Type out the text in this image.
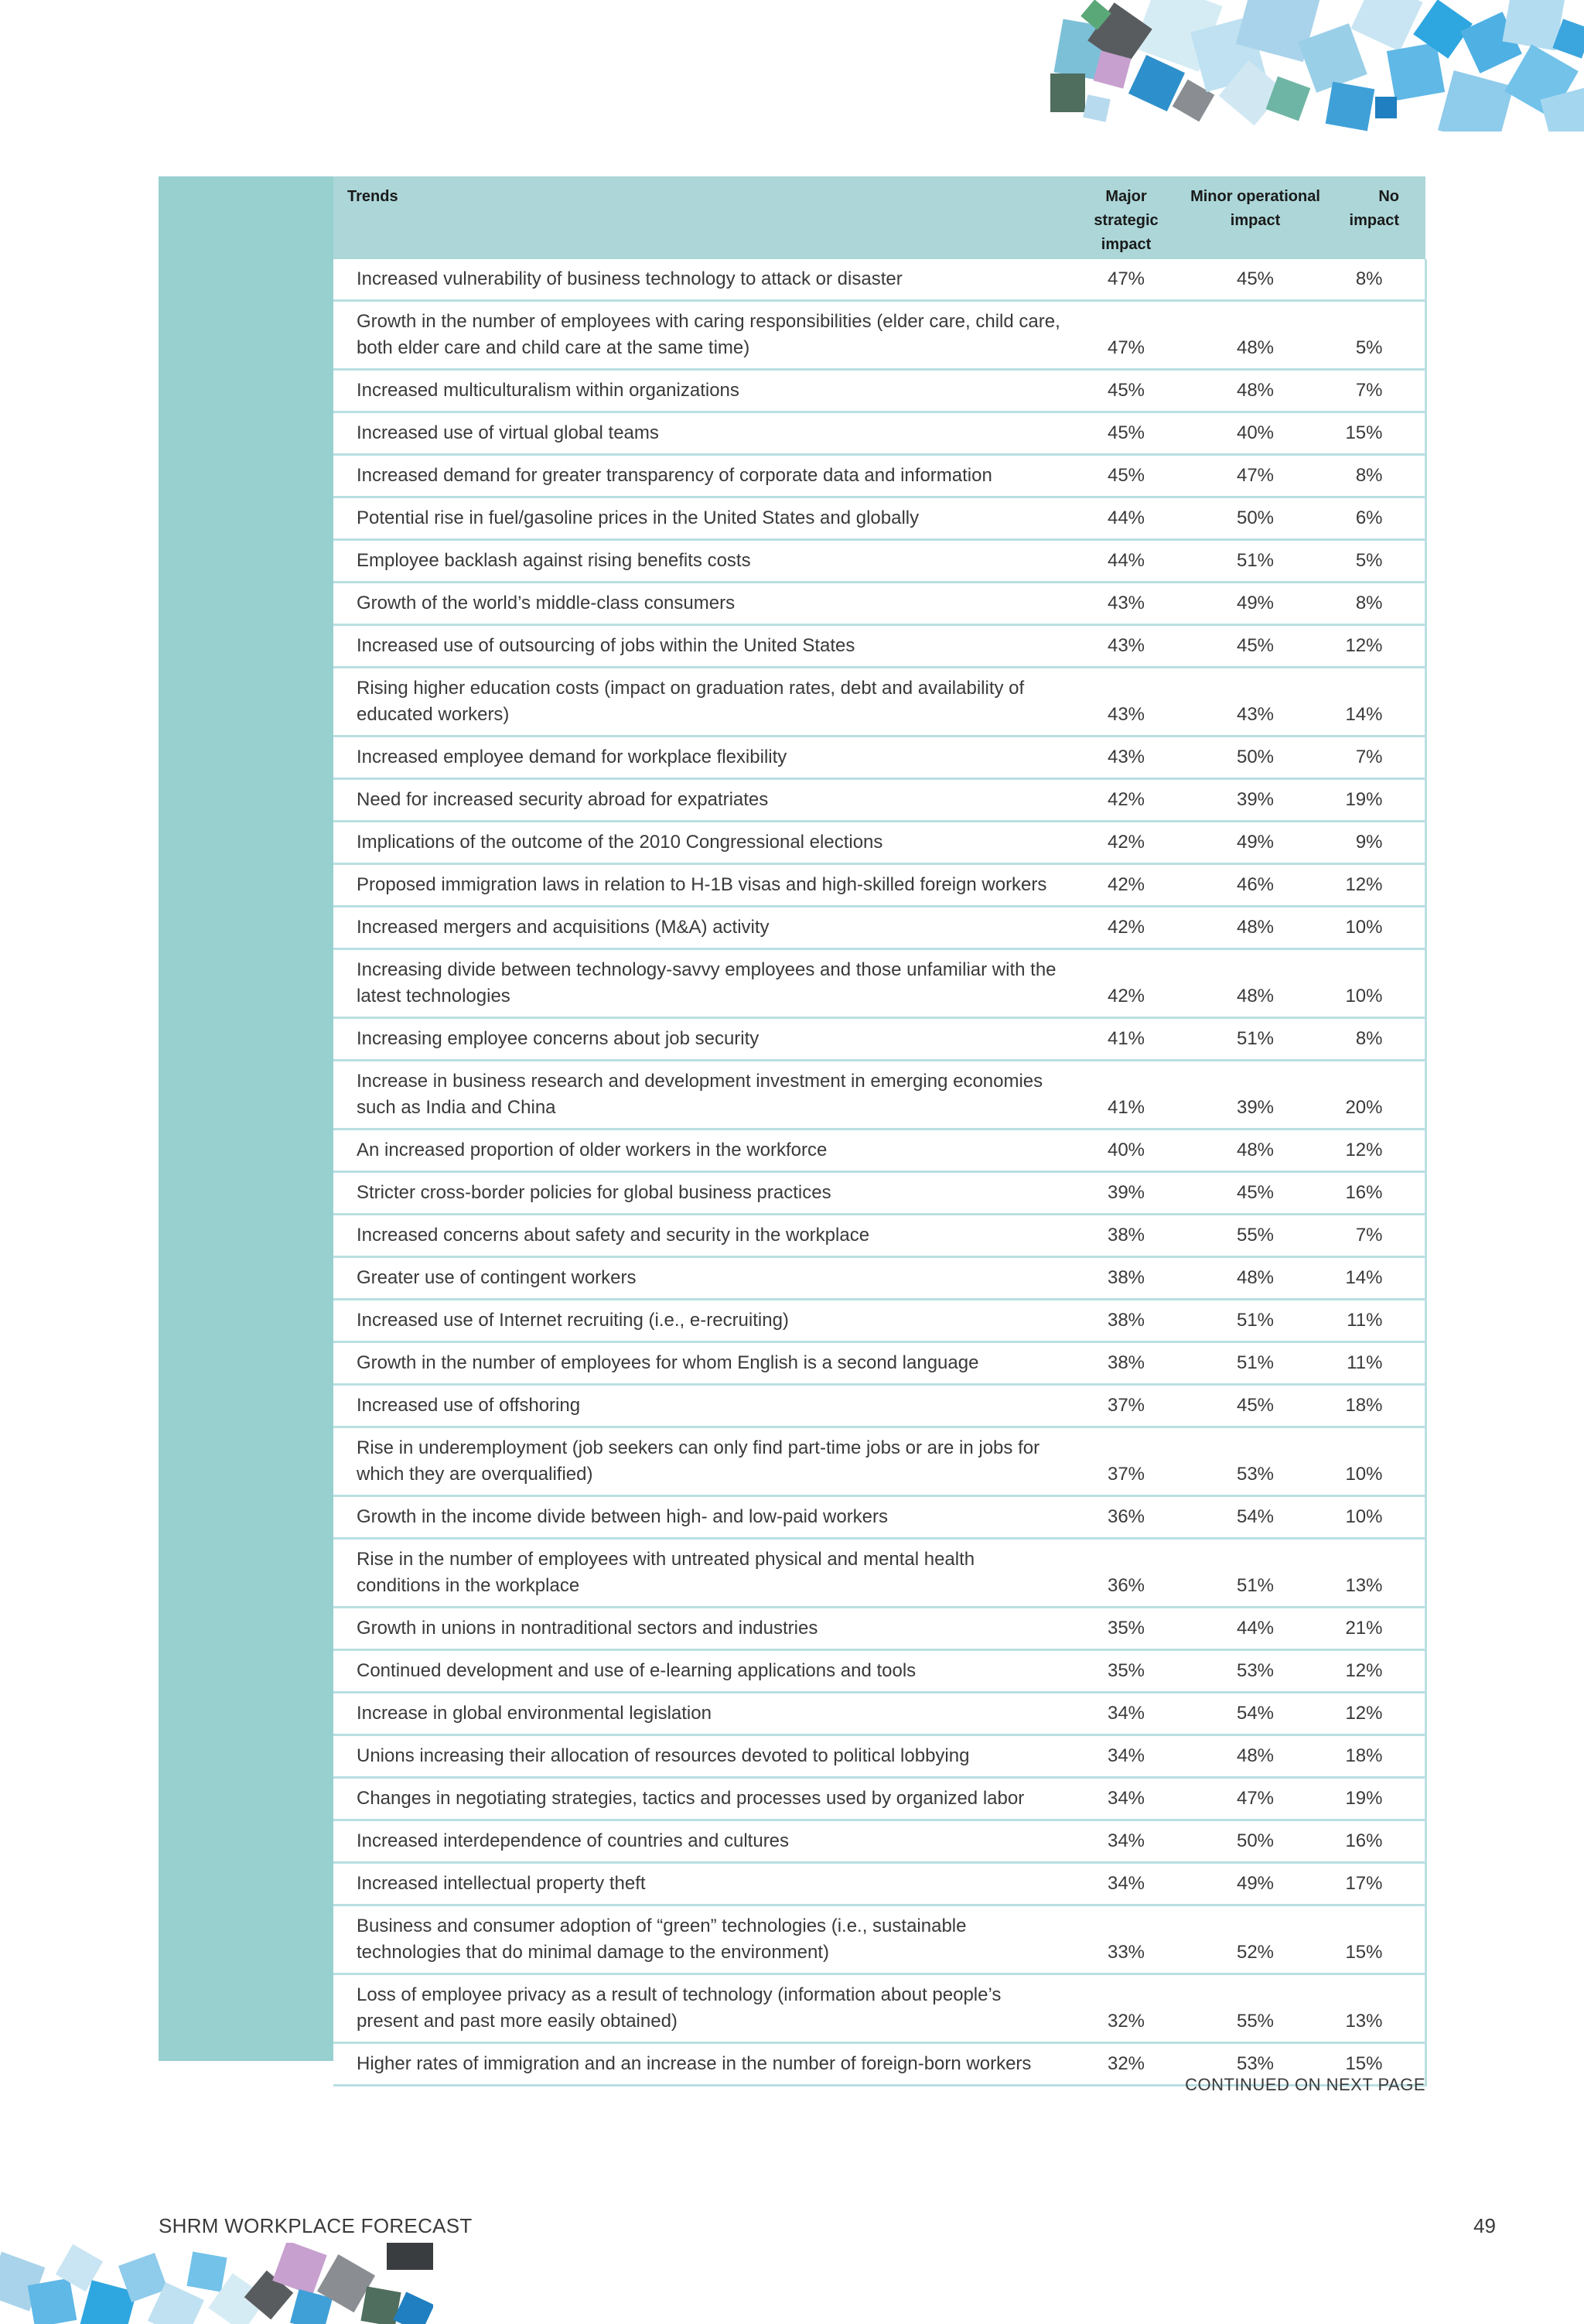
Trends	Major strategic impact	Minor operational impact	No impact
Increased vulnerability of business technology to attack or disaster	47%	45%	8%
Growth in the number of employees with caring responsibilities (elder care, child care, both elder care and child care at the same time)	47%	48%	5%
Increased multiculturalism within organizations	45%	48%	7%
Increased use of virtual global teams	45%	40%	15%
Increased demand for greater transparency of corporate data and information	45%	47%	8%
Potential rise in fuel/gasoline prices in the United States and globally	44%	50%	6%
Employee backlash against rising benefits costs	44%	51%	5%
Growth of the world’s middle-class consumers	43%	49%	8%
Increased use of outsourcing of jobs within the United States	43%	45%	12%
Rising higher education costs (impact on graduation rates, debt and availability of educated workers)	43%	43%	14%
Increased employee demand for workplace flexibility	43%	50%	7%
Need for increased security abroad for expatriates	42%	39%	19%
Implications of the outcome of the 2010 Congressional elections	42%	49%	9%
Proposed immigration laws in relation to H-1B visas and high-skilled foreign workers	42%	46%	12%
Increased mergers and acquisitions (M&A) activity	42%	48%	10%
Increasing divide between technology-savvy employees and those unfamiliar with the latest technologies	42%	48%	10%
Increasing employee concerns about job security	41%	51%	8%
Increase in business research and development investment in emerging economies such as India and China	41%	39%	20%
An increased proportion of older workers in the workforce	40%	48%	12%
Stricter cross-border policies for global business practices	39%	45%	16%
Increased concerns about safety and security in the workplace	38%	55%	7%
Greater use of contingent workers	38%	48%	14%
Increased use of Internet recruiting (i.e., e-recruiting)	38%	51%	11%
Growth in the number of employees for whom English is a second language	38%	51%	11%
Increased use of offshoring	37%	45%	18%
Rise in underemployment (job seekers can only find part-time jobs or are in jobs for which they are overqualified)	37%	53%	10%
Growth in the income divide between high- and low-paid workers	36%	54%	10%
Rise in the number of employees with untreated physical and mental health conditions in the workplace	36%	51%	13%
Growth in unions in nontraditional sectors and industries	35%	44%	21%
Continued development and use of e-learning applications and tools	35%	53%	12%
Increase in global environmental legislation	34%	54%	12%
Unions increasing their allocation of resources devoted to political lobbying	34%	48%	18%
Changes in negotiating strategies, tactics and processes used by organized labor	34%	47%	19%
Increased interdependence of countries and cultures	34%	50%	16%
Increased intellectual property theft	34%	49%	17%
Business and consumer adoption of “green” technologies (i.e., sustainable technologies that do minimal damage to the environment)	33%	52%	15%
Loss of employee privacy as a result of technology (information about people’s present and past more easily obtained)	32%	55%	13%
Higher rates of immigration and an increase in the number of foreign-born workers	32%	53%	15%
CONTINUED ON NEXT PAGE
SHRM WORKPLACE FORECAST	49
